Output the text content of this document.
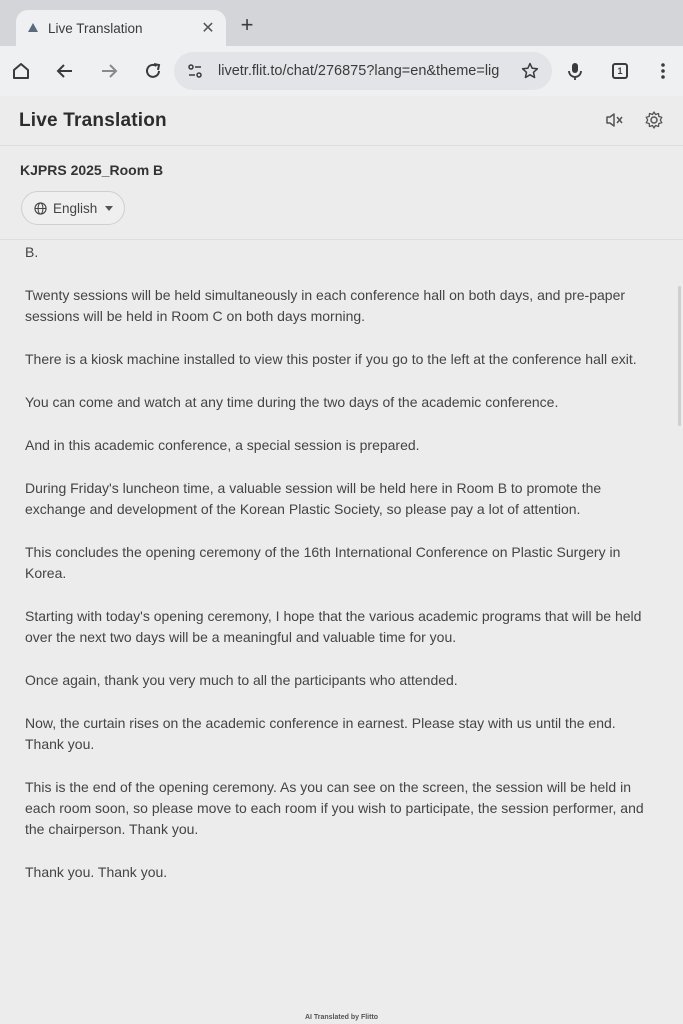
Live Translation	✕ +
livetr.flit.to/chat/276875?lang=en&theme=lig	1
Live Translation
KJPRS 2025_Room B
English

B.

Twenty sessions will be held simultaneously in each conference hall on both days, and pre-paper sessions will be held in Room C on both days morning.

There is a kiosk machine installed to view this poster if you go to the left at the conference hall exit.

You can come and watch at any time during the two days of the academic conference.

And in this academic conference, a special session is prepared.

During Friday's luncheon time, a valuable session will be held here in Room B to promote the exchange and development of the Korean Plastic Society, so please pay a lot of attention.

This concludes the opening ceremony of the 16th International Conference on Plastic Surgery in Korea.

Starting with today's opening ceremony, I hope that the various academic programs that will be held over the next two days will be a meaningful and valuable time for you.

Once again, thank you very much to all the participants who attended.

Now, the curtain rises on the academic conference in earnest. Please stay with us until the end. Thank you.

This is the end of the opening ceremony. As you can see on the screen, the session will be held in each room soon, so please move to each room if you wish to participate, the session performer, and the chairperson. Thank you.

Thank you. Thank you.

AI Translated by Flitto
